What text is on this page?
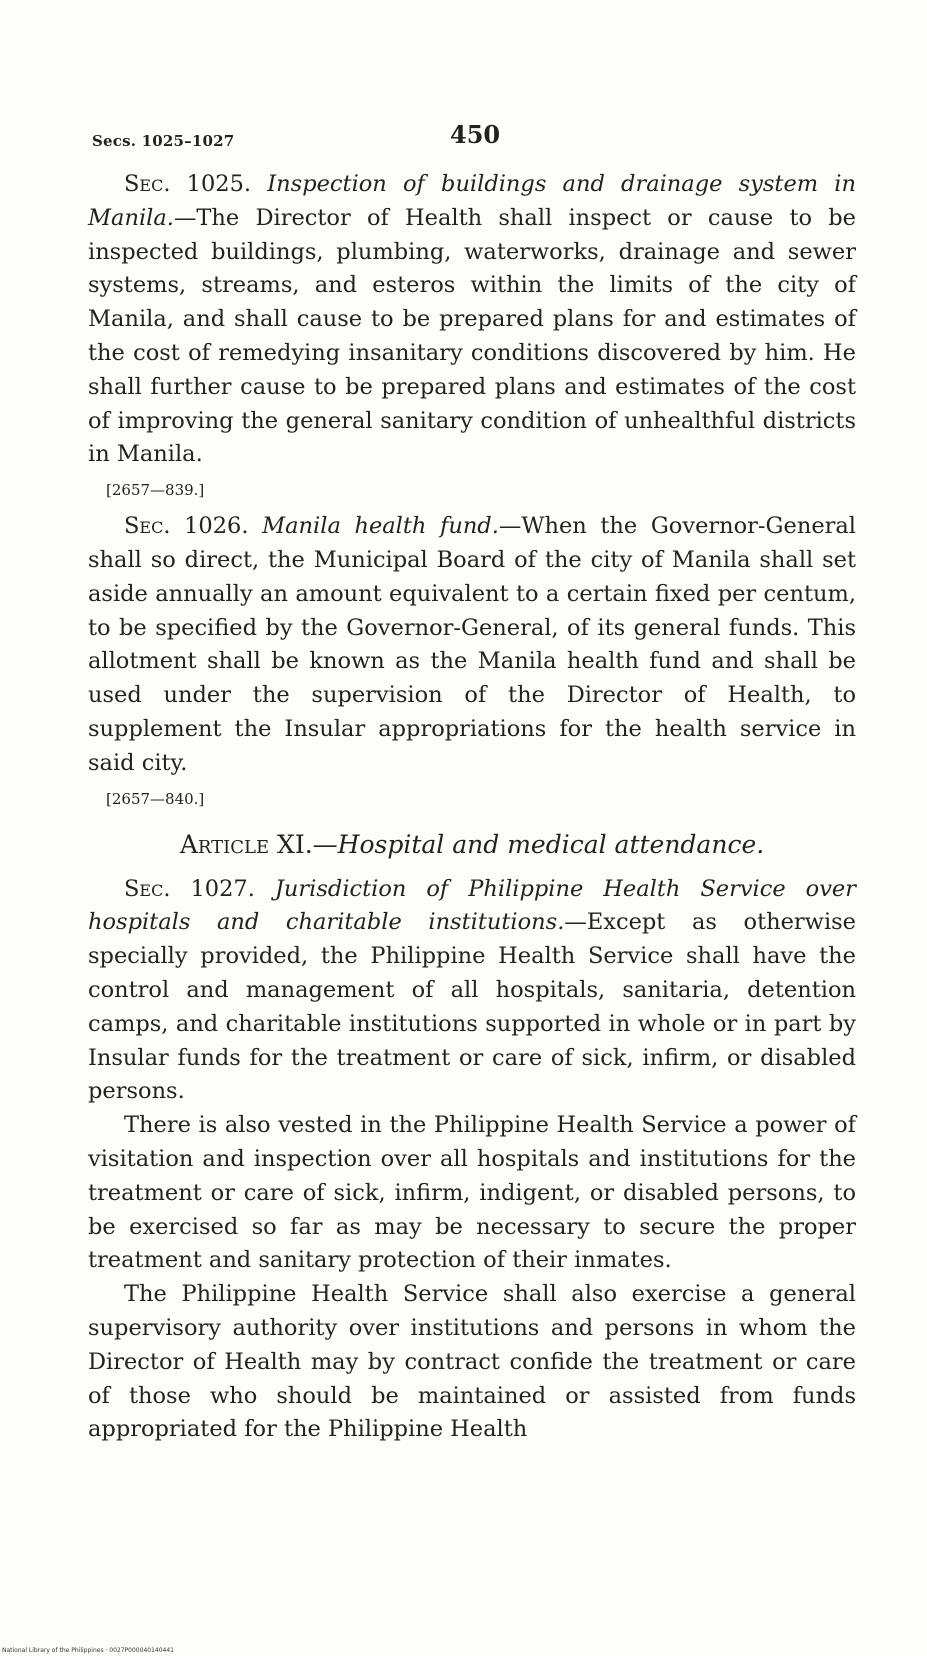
Secs. 1025–1027	450

Sec. 1025. Inspection of buildings and drainage system in Manila.—The Director of Health shall inspect or cause to be inspected buildings, plumbing, waterworks, drainage and sewer systems, streams, and esteros within the limits of the city of Manila, and shall cause to be prepared plans for and estimates of the cost of remedying insanitary conditions discovered by him. He shall further cause to be prepared plans and estimates of the cost of improving the general sanitary condition of unhealthful districts in Manila.

[2657—839.]

Sec. 1026. Manila health fund.—When the Governor-General shall so direct, the Municipal Board of the city of Manila shall set aside annually an amount equivalent to a certain fixed per centum, to be specified by the Governor-General, of its general funds. This allotment shall be known as the Manila health fund and shall be used under the supervision of the Director of Health, to supplement the Insular appropriations for the health service in said city.

[2657—840.]
Article XI.—Hospital and medical attendance.

Sec. 1027. Jurisdiction of Philippine Health Service over hospitals and charitable institutions.—Except as otherwise specially provided, the Philippine Health Service shall have the control and management of all hospitals, sanitaria, detention camps, and charitable institutions supported in whole or in part by Insular funds for the treatment or care of sick, infirm, or disabled persons.

There is also vested in the Philippine Health Service a power of visitation and inspection over all hospitals and institutions for the treatment or care of sick, infirm, indigent, or disabled persons, to be exercised so far as may be necessary to secure the proper treatment and sanitary protection of their inmates.

The Philippine Health Service shall also exercise a general supervisory authority over institutions and persons in whom the Director of Health may by contract confide the treatment or care of those who should be maintained or assisted from funds appropriated for the Philippine Health

National Library of the Philippines · 0027P000040140441
